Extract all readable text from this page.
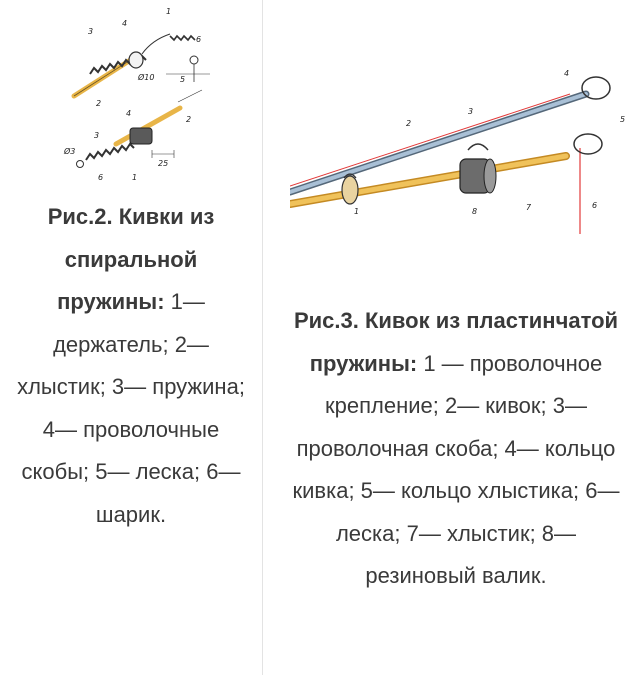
1
3
4
6
5
2
Ø10
4
3
2
1
6
25
Ø3
Рис.2. Кивки из спиральной пружины: 1— держатель; 2— хлыстик; 3— пружина; 4— проволочные скобы; 5— леска; 6— шарик.
1
2
3
4
5
6
7
8
Рис.3. Кивок из пластинчатой пружины: 1 — проволочное крепление; 2— кивок; 3— проволочная скоба; 4— кольцо кивка; 5— кольцо хлыстика; 6— леска; 7— хлыстик; 8— резиновый валик.
